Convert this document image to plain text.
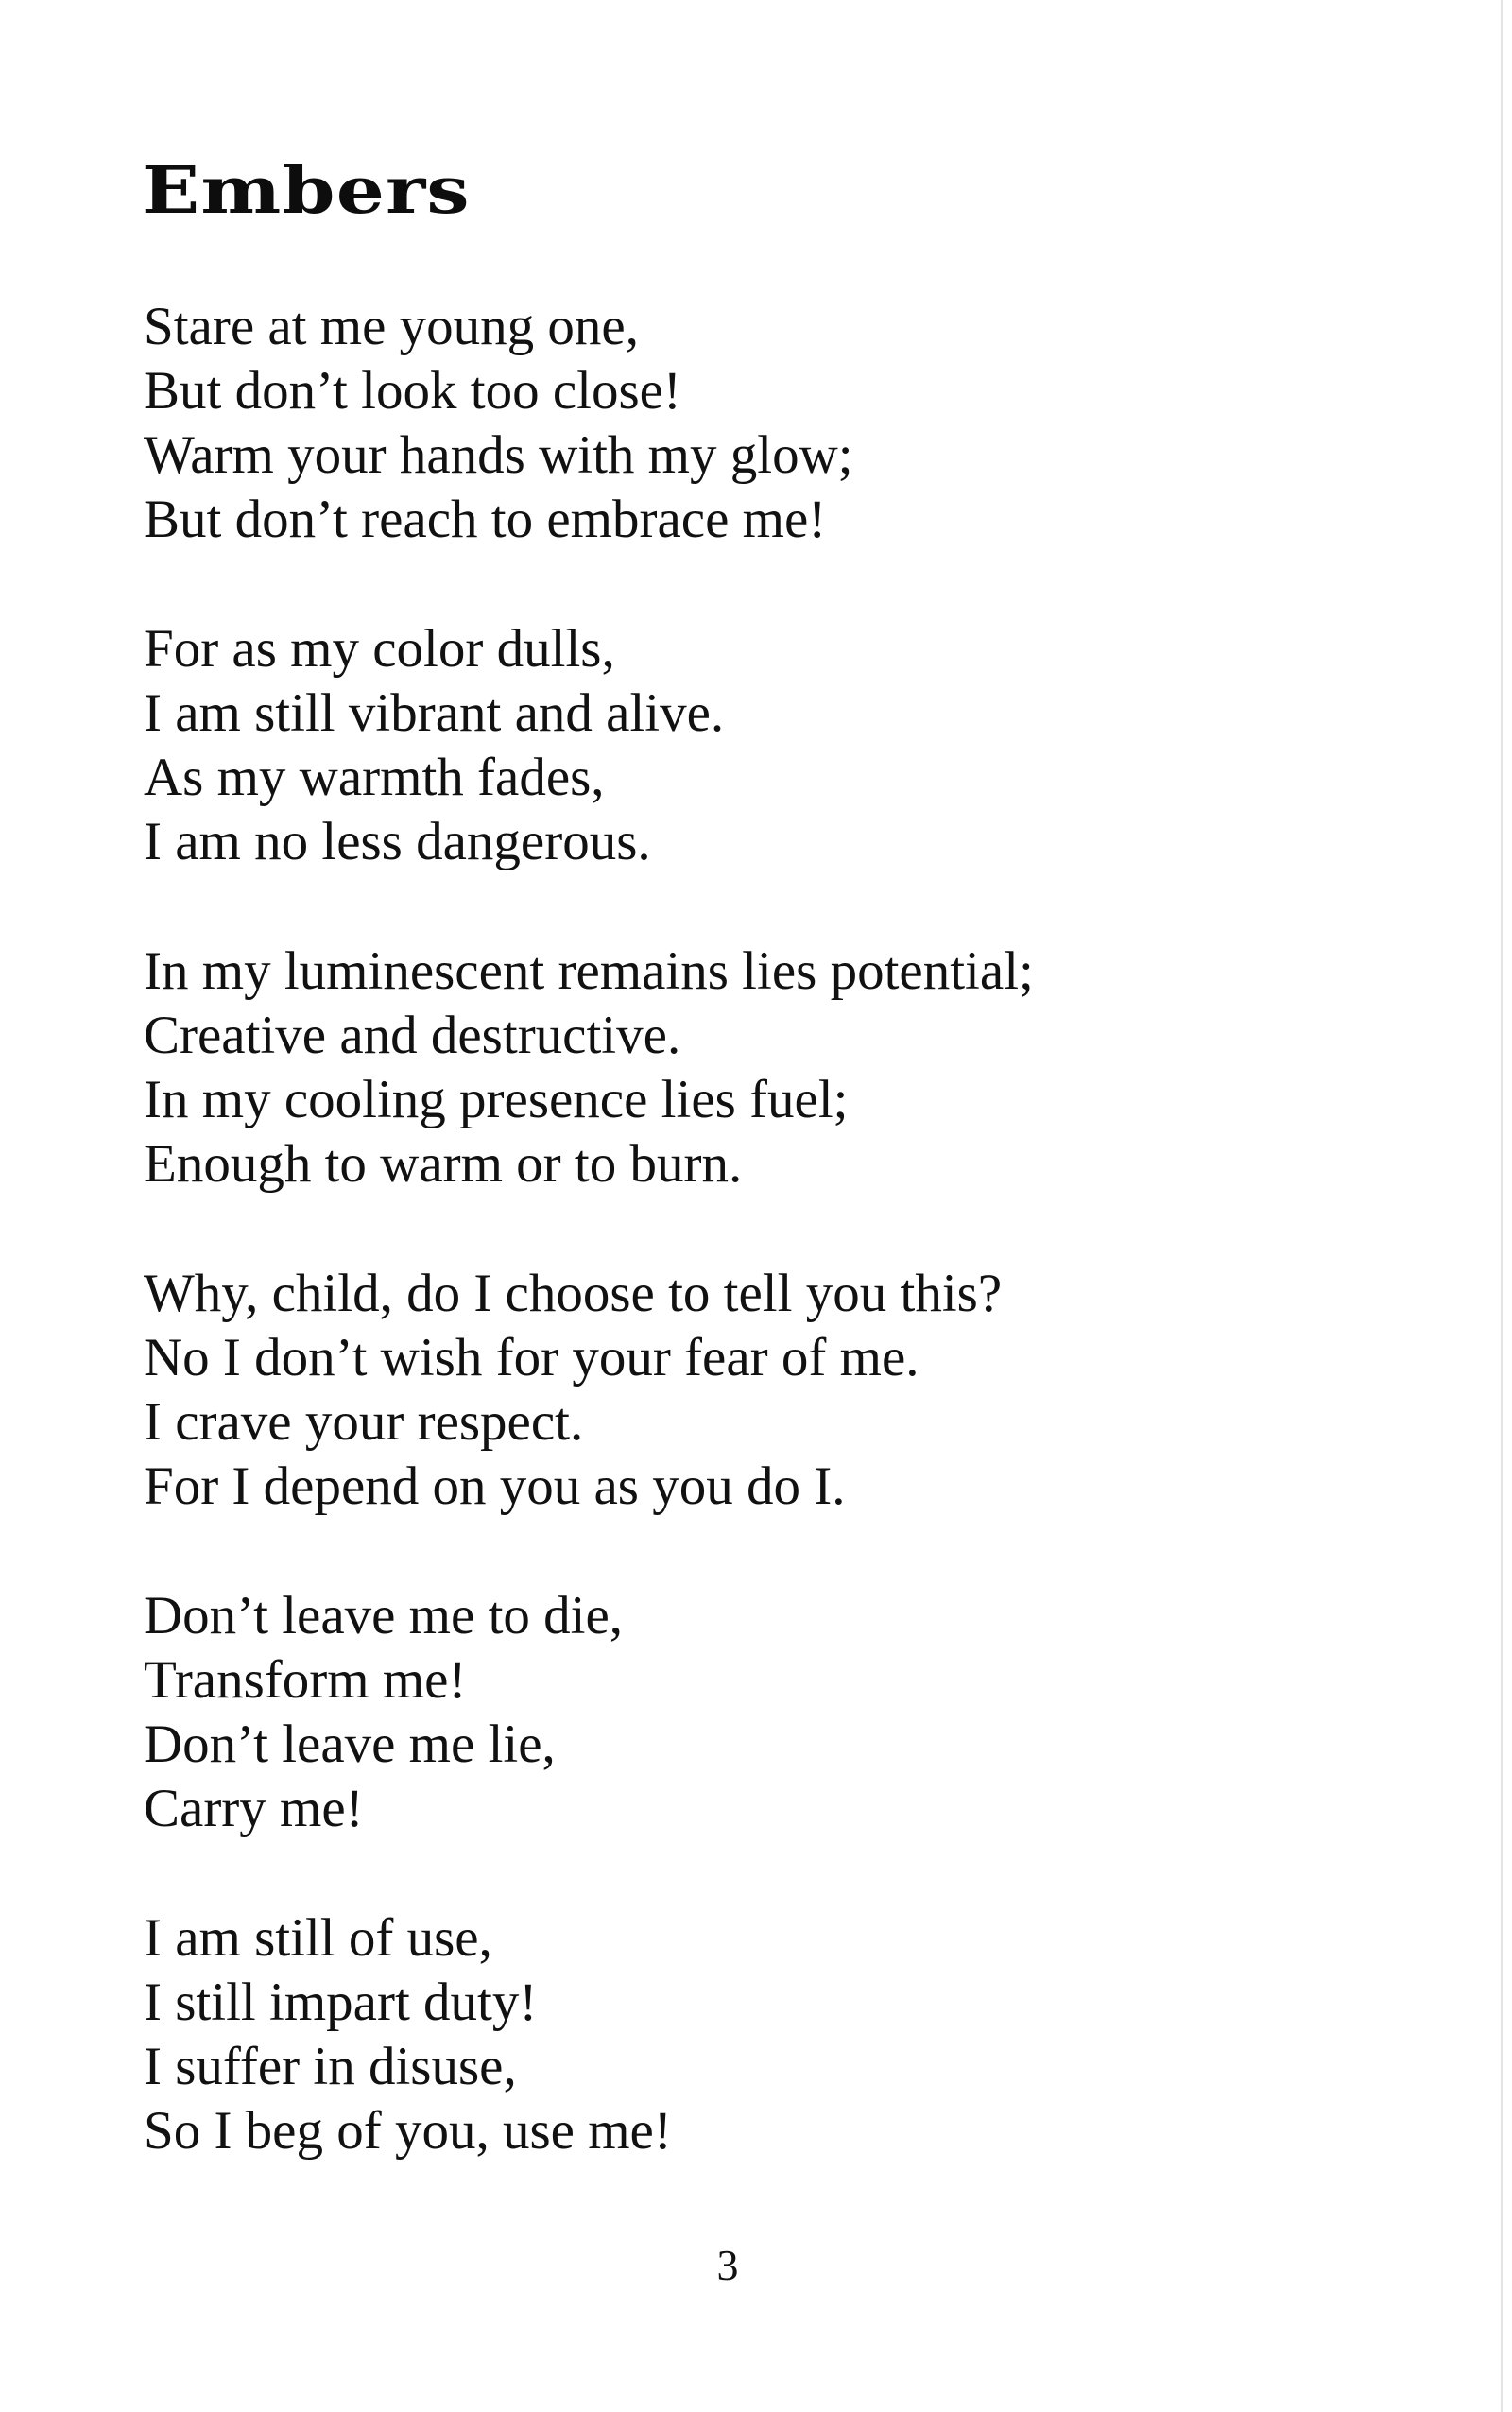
Embers

Stare at me young one,
But don’t look too close!
Warm your hands with my glow;
But don’t reach to embrace me!

For as my color dulls,
I am still vibrant and alive.
As my warmth fades,
I am no less dangerous.

In my luminescent remains lies potential;
Creative and destructive.
In my cooling presence lies fuel;
Enough to warm or to burn.

Why, child, do I choose to tell you this?
No I don’t wish for your fear of me.
I crave your respect.
For I depend on you as you do I.

Don’t leave me to die,
Transform me!
Don’t leave me lie,
Carry me!

I am still of use,
I still impart duty!
I suffer in disuse,
So I beg of you, use me!

3
